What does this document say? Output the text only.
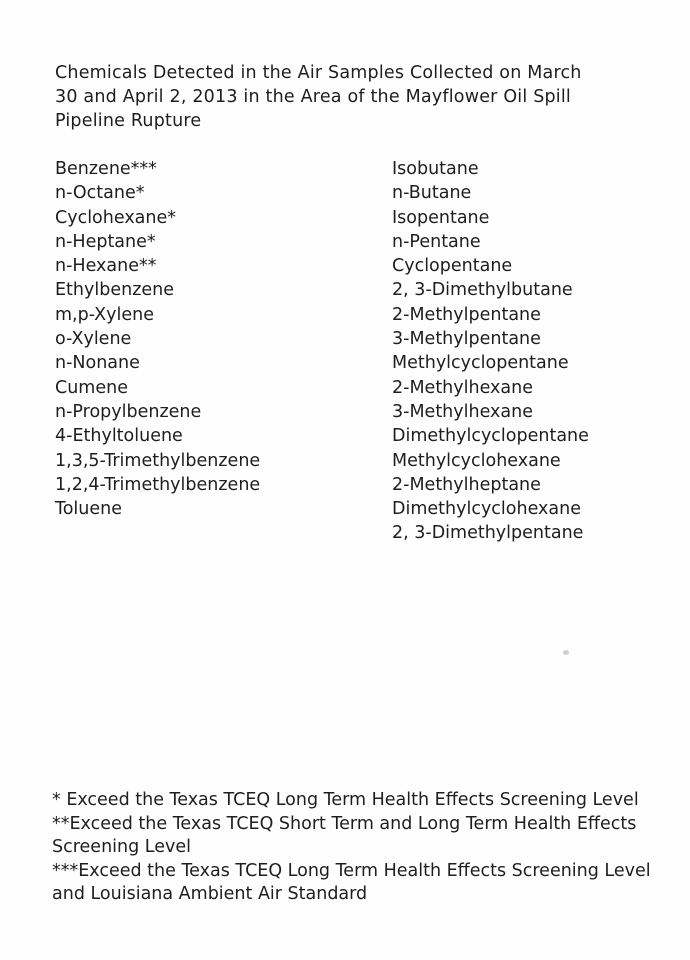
Chemicals Detected in the Air Samples Collected on March
30 and April 2, 2013 in the Area of the Mayflower Oil Spill
Pipeline Rupture
Benzene***
n-Octane*
Cyclohexane*
n-Heptane*
n-Hexane**
Ethylbenzene
m,p-Xylene
o-Xylene
n-Nonane
Cumene
n-Propylbenzene
4-Ethyltoluene
1,3,5-Trimethylbenzene
1,2,4-Trimethylbenzene
Toluene
Isobutane
n-Butane
Isopentane
n-Pentane
Cyclopentane
2, 3-Dimethylbutane
2-Methylpentane
3-Methylpentane
Methylcyclopentane
2-Methylhexane
3-Methylhexane
Dimethylcyclopentane
Methylcyclohexane
2-Methylheptane
Dimethylcyclohexane
2, 3-Dimethylpentane

* Exceed the Texas TCEQ Long Term Health Effects Screening Level

**Exceed the Texas TCEQ Short Term and Long Term Health Effects Screening Level

***Exceed the Texas TCEQ Long Term Health Effects Screening Level and Louisiana Ambient Air Standard
